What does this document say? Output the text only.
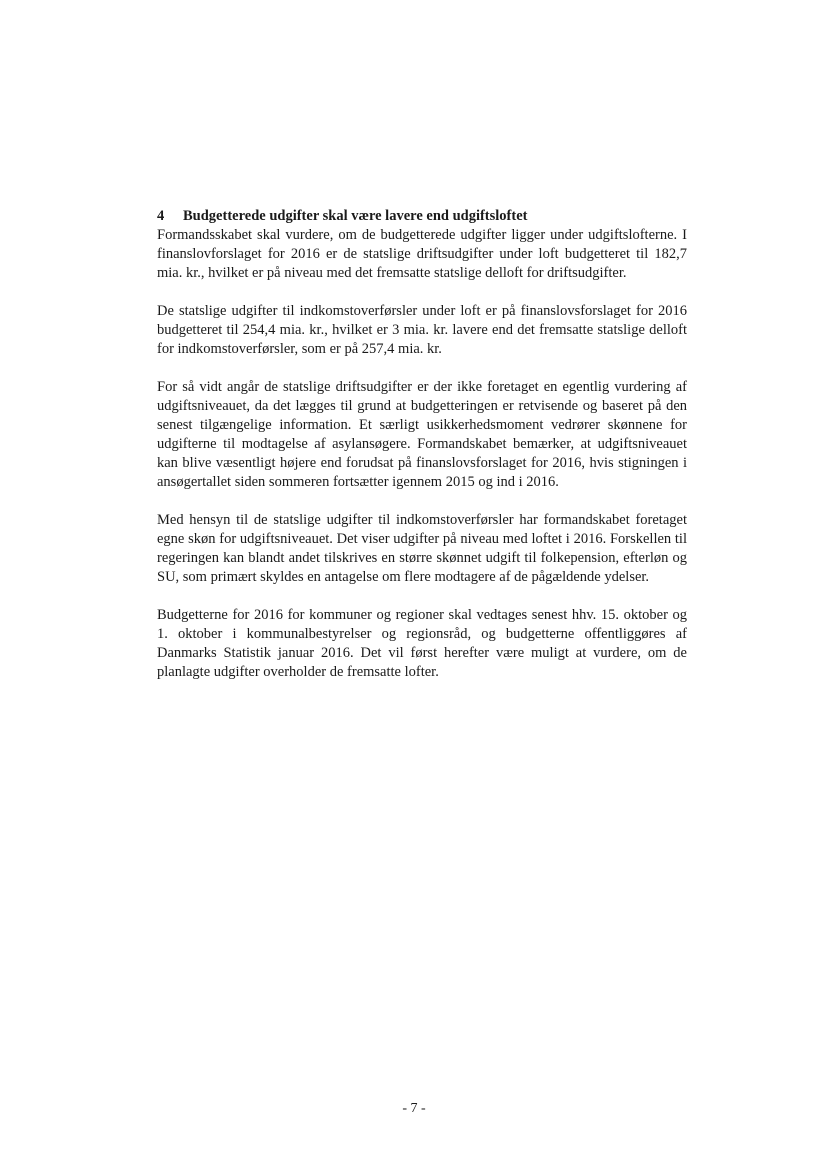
4	Budgetterede udgifter skal være lavere end udgiftsloftet

Formandsskabet skal vurdere, om de budgetterede udgifter ligger under udgiftslofterne. I finanslovforslaget for 2016 er de statslige driftsudgifter under loft budgetteret til 182,7 mia. kr., hvilket er på niveau med det fremsatte statslige delloft for driftsudgifter.

De statslige udgifter til indkomstoverførsler under loft er på finanslovsforslaget for 2016 budgetteret til 254,4 mia. kr., hvilket er 3 mia. kr. lavere end det fremsatte statslige delloft for indkomstoverførsler, som er på 257,4 mia. kr.

For så vidt angår de statslige driftsudgifter er der ikke foretaget en egentlig vurdering af udgiftsniveauet, da det lægges til grund at budgetteringen er retvisende og baseret på den senest tilgængelige information. Et særligt usikkerhedsmoment vedrører skønnene for udgifterne til modtagelse af asylansøgere. Formandskabet bemærker, at udgiftsniveauet kan blive væsentligt højere end forudsat på finanslovsforslaget for 2016, hvis stigningen i ansøgertallet siden sommeren fortsætter igennem 2015 og ind i 2016.

Med hensyn til de statslige udgifter til indkomstoverførsler har formandskabet foretaget egne skøn for udgiftsniveauet. Det viser udgifter på niveau med loftet i 2016. Forskellen til regeringen kan blandt andet tilskrives en større skønnet udgift til folkepension, efterløn og SU, som primært skyldes en antagelse om flere modtagere af de pågældende ydelser.

Budgetterne for 2016 for kommuner og regioner skal vedtages senest hhv. 15. oktober og 1. oktober i kommunalbestyrelser og regionsråd, og budgetterne offentliggøres af Danmarks Statistik januar 2016. Det vil først herefter være muligt at vurdere, om de planlagte udgifter overholder de fremsatte lofter.

- 7 -
